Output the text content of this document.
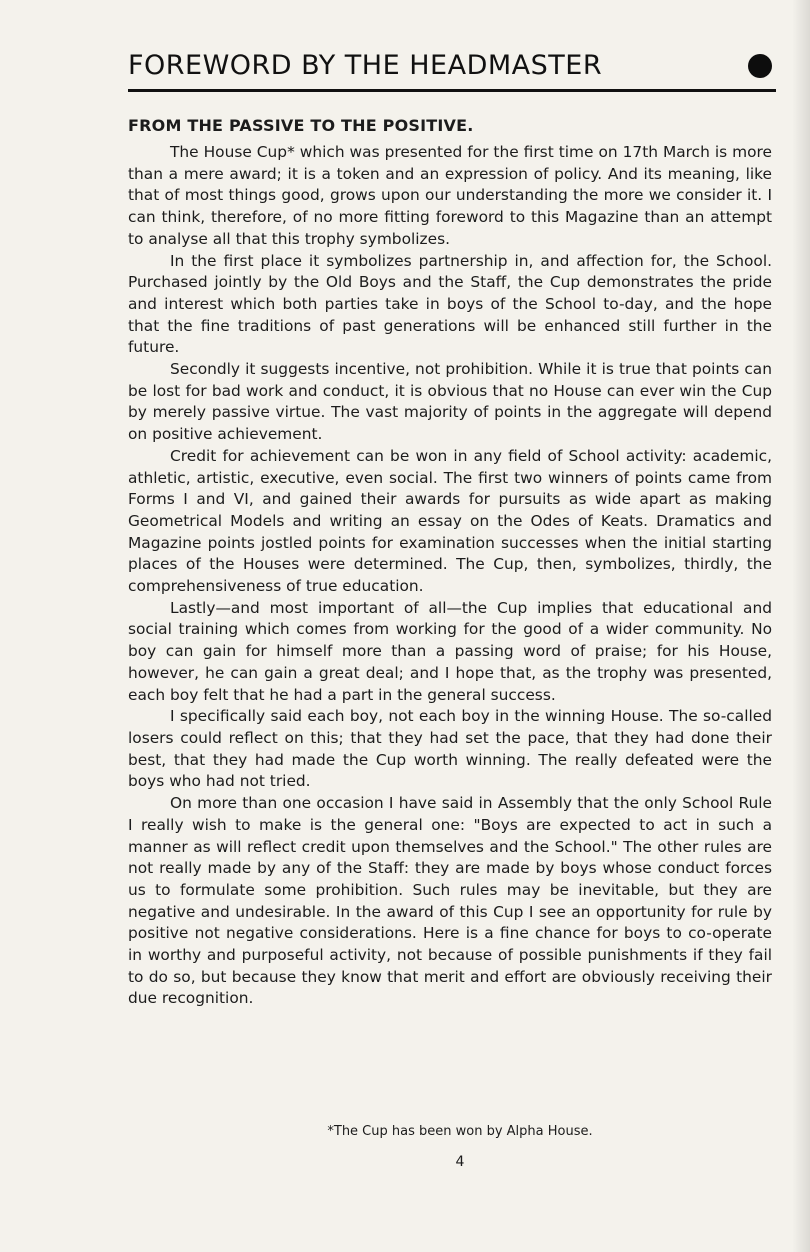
FOREWORD BY THE HEADMASTER
FROM THE PASSIVE TO THE POSITIVE.

The House Cup* which was presented for the first time on 17th March is more than a mere award; it is a token and an expression of policy. And its meaning, like that of most things good, grows upon our understanding the more we consider it. I can think, therefore, of no more fitting foreword to this Magazine than an attempt to analyse all that this trophy symbolizes.

In the first place it symbolizes partnership in, and affection for, the School. Purchased jointly by the Old Boys and the Staff, the Cup demonstrates the pride and interest which both parties take in boys of the School to-day, and the hope that the fine traditions of past generations will be enhanced still further in the future.

Secondly it suggests incentive, not prohibition. While it is true that points can be lost for bad work and conduct, it is obvious that no House can ever win the Cup by merely passive virtue. The vast majority of points in the aggregate will depend on positive achievement.

Credit for achievement can be won in any field of School activity: academic, athletic, artistic, executive, even social. The first two winners of points came from Forms I and VI, and gained their awards for pursuits as wide apart as making Geometrical Models and writing an essay on the Odes of Keats. Dramatics and Magazine points jostled points for examination successes when the initial starting places of the Houses were determined. The Cup, then, symbolizes, thirdly, the comprehensiveness of true education.

Lastly—and most important of all—the Cup implies that educational and social training which comes from working for the good of a wider community. No boy can gain for himself more than a passing word of praise; for his House, however, he can gain a great deal; and I hope that, as the trophy was presented, each boy felt that he had a part in the general success.

I specifically said each boy, not each boy in the winning House. The so-called losers could reflect on this; that they had set the pace, that they had done their best, that they had made the Cup worth winning. The really defeated were the boys who had not tried.

On more than one occasion I have said in Assembly that the only School Rule I really wish to make is the general one: "Boys are expected to act in such a manner as will reflect credit upon themselves and the School." The other rules are not really made by any of the Staff: they are made by boys whose conduct forces us to formulate some prohibition. Such rules may be inevitable, but they are negative and undesirable. In the award of this Cup I see an opportunity for rule by positive not negative considerations. Here is a fine chance for boys to co-operate in worthy and purposeful activity, not because of possible punishments if they fail to do so, but because they know that merit and effort are obviously receiving their due recognition.

*The Cup has been won by Alpha House.
4
